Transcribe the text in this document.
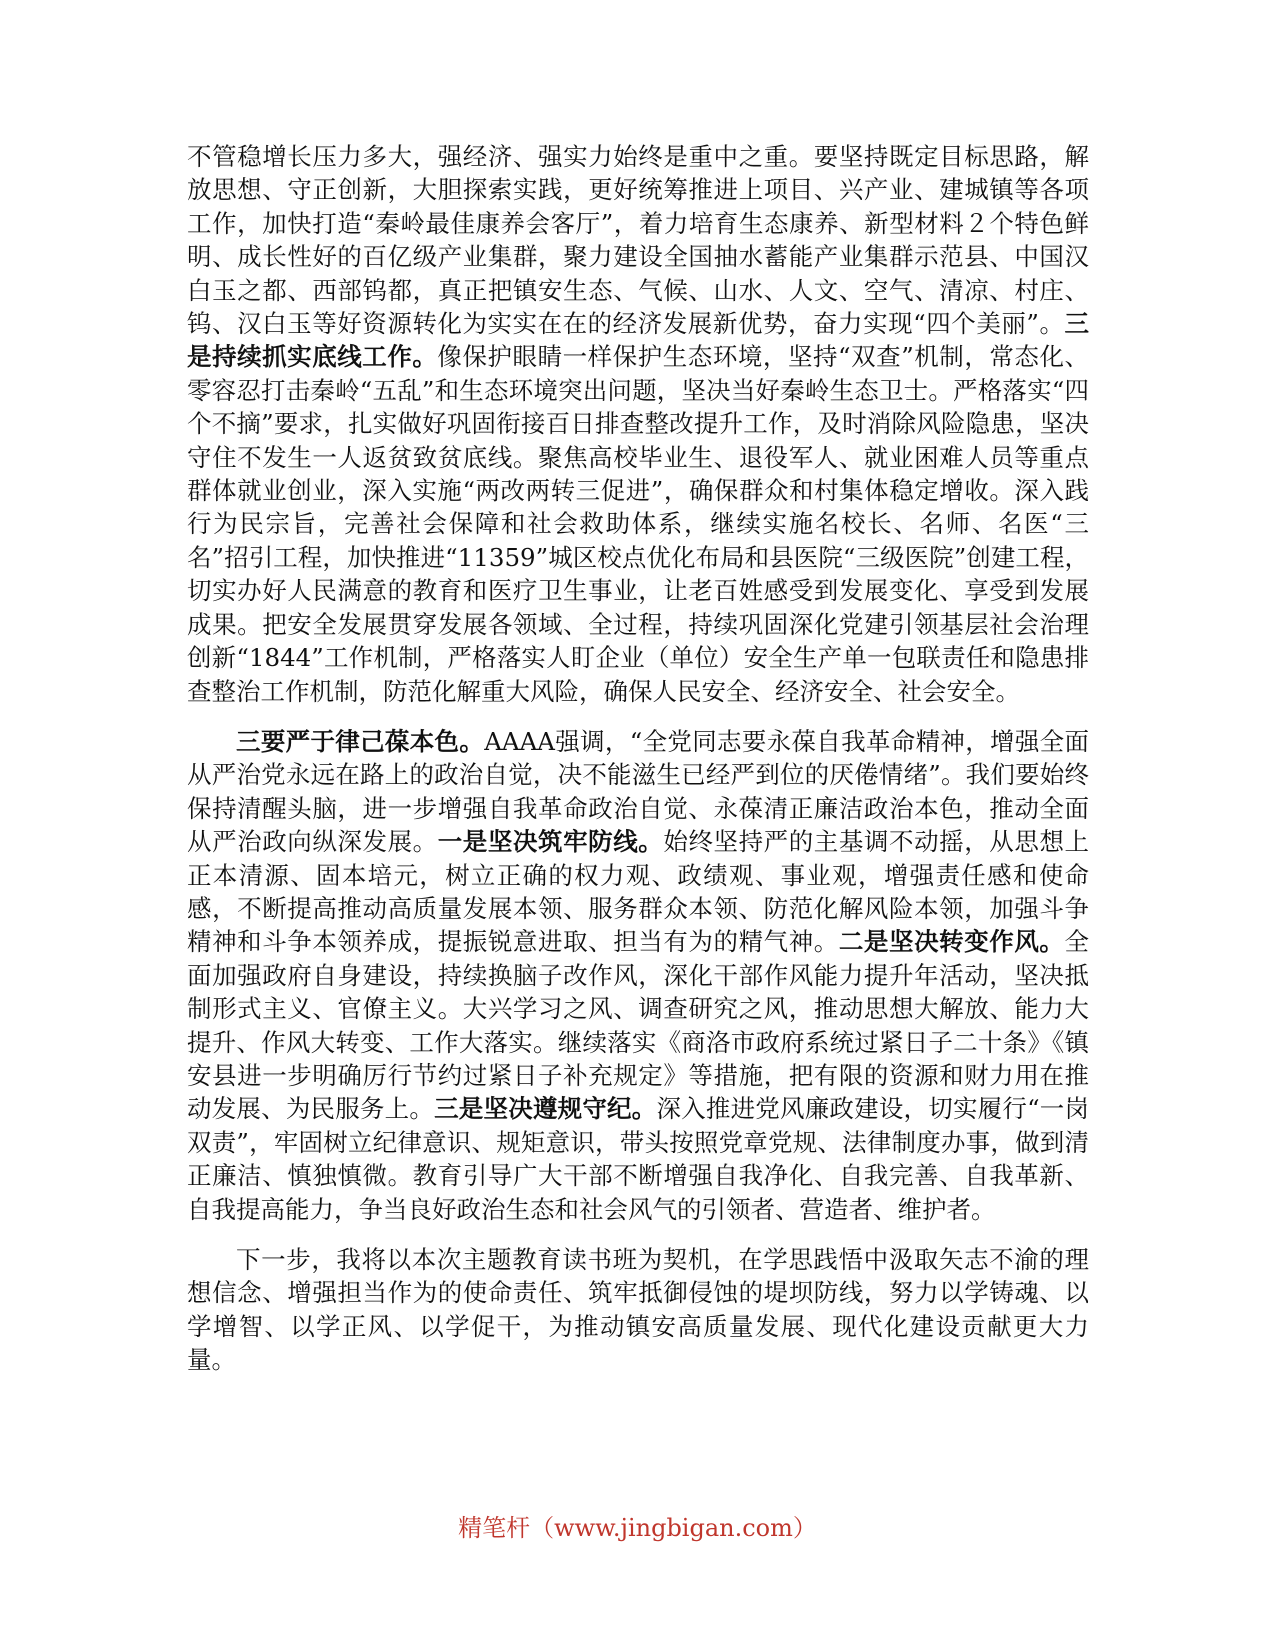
不管稳增长压力多大，强经济、强实力始终是重中之重。要坚持既定目标思路，解放思想、守正创新，大胆探索实践，更好统筹推进上项目、兴产业、建城镇等各项工作，加快打造“秦岭最佳康养会客厅”，着力培育生态康养、新型材料２个特色鲜明、成长性好的百亿级产业集群，聚力建设全国抽水蓄能产业集群示范县、中国汉白玉之都、西部钨都，真正把镇安生态、气候、山水、人文、空气、清凉、村庄、钨、汉白玉等好资源转化为实实在在的经济发展新优势，奋力实现“四个美丽”。三是持续抓实底线工作。像保护眼睛一样保护生态环境，坚持“双查”机制，常态化、零容忍打击秦岭“五乱”和生态环境突出问题，坚决当好秦岭生态卫士。严格落实“四个不摘”要求，扎实做好巩固衔接百日排查整改提升工作，及时消除风险隐患，坚决守住不发生一人返贫致贫底线。聚焦高校毕业生、退役军人、就业困难人员等重点群体就业创业，深入实施“两改两转三促进”，确保群众和村集体稳定增收。深入践行为民宗旨，完善社会保障和社会救助体系，继续实施名校长、名师、名医“三名”招引工程，加快推进“11359”城区校点优化布局和县医院“三级医院”创建工程，切实办好人民满意的教育和医疗卫生事业，让老百姓感受到发展变化、享受到发展成果。把安全发展贯穿发展各领域、全过程，持续巩固深化党建引领基层社会治理创新“1844”工作机制，严格落实人盯企业（单位）安全生产单一包联责任和隐患排查整治工作机制，防范化解重大风险，确保人民安全、经济安全、社会安全。

三要严于律己葆本色。AAAA强调，“全党同志要永葆自我革命精神，增强全面从严治党永远在路上的政治自觉，决不能滋生已经严到位的厌倦情绪”。我们要始终保持清醒头脑，进一步增强自我革命政治自觉、永葆清正廉洁政治本色，推动全面从严治政向纵深发展。一是坚决筑牢防线。始终坚持严的主基调不动摇，从思想上正本清源、固本培元，树立正确的权力观、政绩观、事业观，增强责任感和使命感，不断提高推动高质量发展本领、服务群众本领、防范化解风险本领，加强斗争精神和斗争本领养成，提振锐意进取、担当有为的精气神。二是坚决转变作风。全面加强政府自身建设，持续换脑子改作风，深化干部作风能力提升年活动，坚决抵制形式主义、官僚主义。大兴学习之风、调查研究之风，推动思想大解放、能力大提升、作风大转变、工作大落实。继续落实《商洛市政府系统过紧日子二十条》《镇安县进一步明确厉行节约过紧日子补充规定》等措施，把有限的资源和财力用在推动发展、为民服务上。三是坚决遵规守纪。深入推进党风廉政建设，切实履行“一岗双责”，牢固树立纪律意识、规矩意识，带头按照党章党规、法律制度办事，做到清正廉洁、慎独慎微。教育引导广大干部不断增强自我净化、自我完善、自我革新、自我提高能力，争当良好政治生态和社会风气的引领者、营造者、维护者。

下一步，我将以本次主题教育读书班为契机，在学思践悟中汲取矢志不渝的理想信念、增强担当作为的使命责任、筑牢抵御侵蚀的堤坝防线，努力以学铸魂、以学增智、以学正风、以学促干，为推动镇安高质量发展、现代化建设贡献更大力量。

精笔杆（www.jingbigan.com）
